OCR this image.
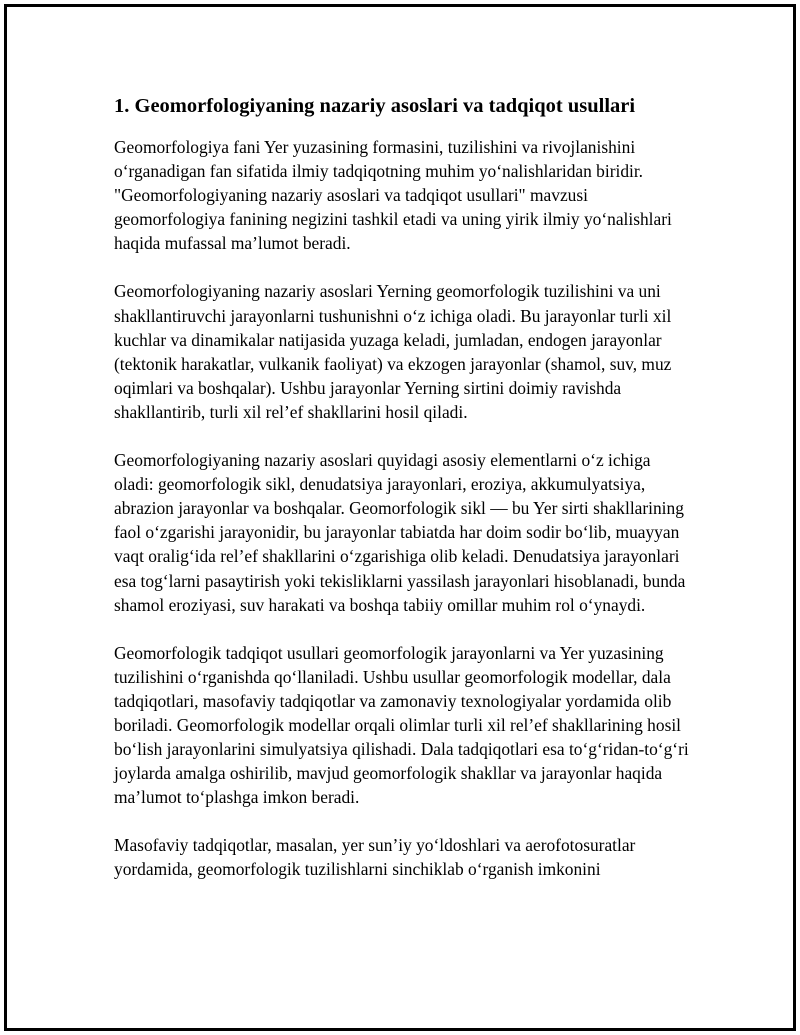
1. Geomorfologiyaning nazariy asoslari va tadqiqot usullari

Geomorfologiya fani Yer yuzasining formasini, tuzilishini va rivojlanishini o‘rganadigan fan sifatida ilmiy tadqiqotning muhim yo‘nalishlaridan biridir. "Geomorfologiyaning nazariy asoslari va tadqiqot usullari" mavzusi geomorfologiya fanining negizini tashkil etadi va uning yirik ilmiy yo‘nalishlari haqida mufassal ma’lumot beradi.

Geomorfologiyaning nazariy asoslari Yerning geomorfologik tuzilishini va uni shakllantiruvchi jarayonlarni tushunishni o‘z ichiga oladi. Bu jarayonlar turli xil kuchlar va dinamikalar natijasida yuzaga keladi, jumladan, endogen jarayonlar (tektonik harakatlar, vulkanik faoliyat) va ekzogen jarayonlar (shamol, suv, muz oqimlari va boshqalar). Ushbu jarayonlar Yerning sirtini doimiy ravishda shakllantirib, turli xil rel’ef shakllarini hosil qiladi.

Geomorfologiyaning nazariy asoslari quyidagi asosiy elementlarni o‘z ichiga oladi: geomorfologik sikl, denudatsiya jarayonlari, eroziya, akkumulyatsiya, abrazion jarayonlar va boshqalar. Geomorfologik sikl — bu Yer sirti shakllarining faol o‘zgarishi jarayonidir, bu jarayonlar tabiatda har doim sodir bo‘lib, muayyan vaqt oralig‘ida rel’ef shakllarini o‘zgarishiga olib keladi. Denudatsiya jarayonlari esa tog‘larni pasaytirish yoki tekisliklarni yassilash jarayonlari hisoblanadi, bunda shamol eroziyasi, suv harakati va boshqa tabiiy omillar muhim rol o‘ynaydi.

Geomorfologik tadqiqot usullari geomorfologik jarayonlarni va Yer yuzasining tuzilishini o‘rganishda qo‘llaniladi. Ushbu usullar geomorfologik modellar, dala tadqiqotlari, masofaviy tadqiqotlar va zamonaviy texnologiyalar yordamida olib boriladi. Geomorfologik modellar orqali olimlar turli xil rel’ef shakllarining hosil bo‘lish jarayonlarini simulyatsiya qilishadi. Dala tadqiqotlari esa to‘g‘ridan-to‘g‘ri joylarda amalga oshirilib, mavjud geomorfologik shakllar va jarayonlar haqida ma’lumot to‘plashga imkon beradi.

Masofaviy tadqiqotlar, masalan, yer sun’iy yo‘ldoshlari va aerofotosuratlar yordamida, geomorfologik tuzilishlarni sinchiklab o‘rganish imkonini
